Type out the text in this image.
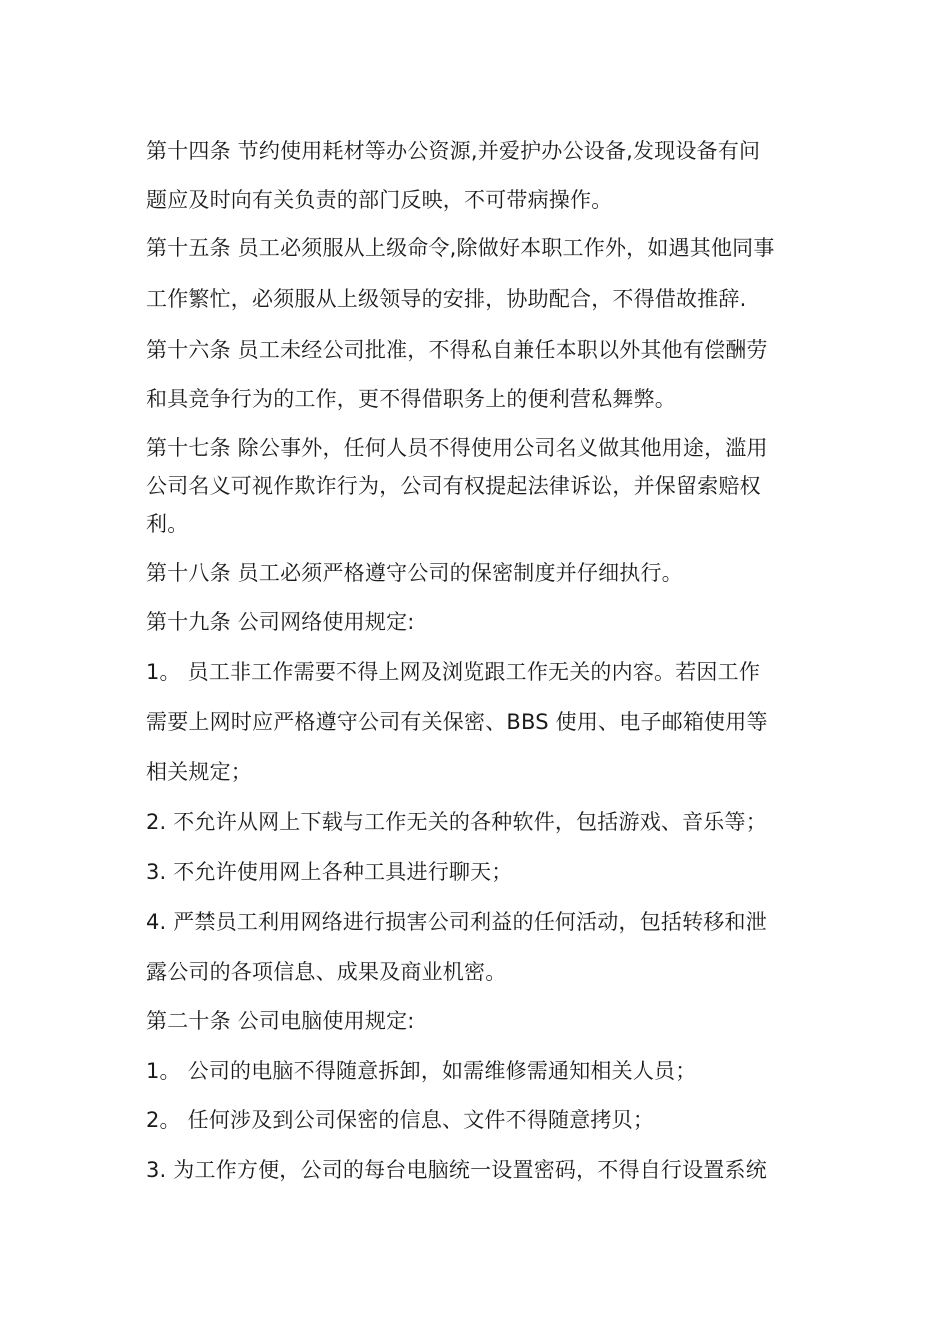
第十四条 节约使用耗材等办公资源,并爱护办公设备,发现设备有问
题应及时向有关负责的部门反映，不可带病操作。
第十五条 员工必须服从上级命令,除做好本职工作外，如遇其他同事
工作繁忙，必须服从上级领导的安排，协助配合，不得借故推辞.
第十六条 员工未经公司批准，不得私自兼任本职以外其他有偿酬劳
和具竞争行为的工作，更不得借职务上的便利营私舞弊。
第十七条 除公事外，任何人员不得使用公司名义做其他用途，滥用
公司名义可视作欺诈行为，公司有权提起法律诉讼，并保留索赔权
利。
第十八条 员工必须严格遵守公司的保密制度并仔细执行。
第十九条 公司网络使用规定:
1。 员工非工作需要不得上网及浏览跟工作无关的内容。若因工作
需要上网时应严格遵守公司有关保密、BBS 使用、电子邮箱使用等
相关规定；
2. 不允许从网上下载与工作无关的各种软件，包括游戏、音乐等；
3. 不允许使用网上各种工具进行聊天；
4. 严禁员工利用网络进行损害公司利益的任何活动，包括转移和泄
露公司的各项信息、成果及商业机密。
第二十条 公司电脑使用规定:
1。 公司的电脑不得随意拆卸，如需维修需通知相关人员；
2。 任何涉及到公司保密的信息、文件不得随意拷贝；
3. 为工作方便，公司的每台电脑统一设置密码，不得自行设置系统
